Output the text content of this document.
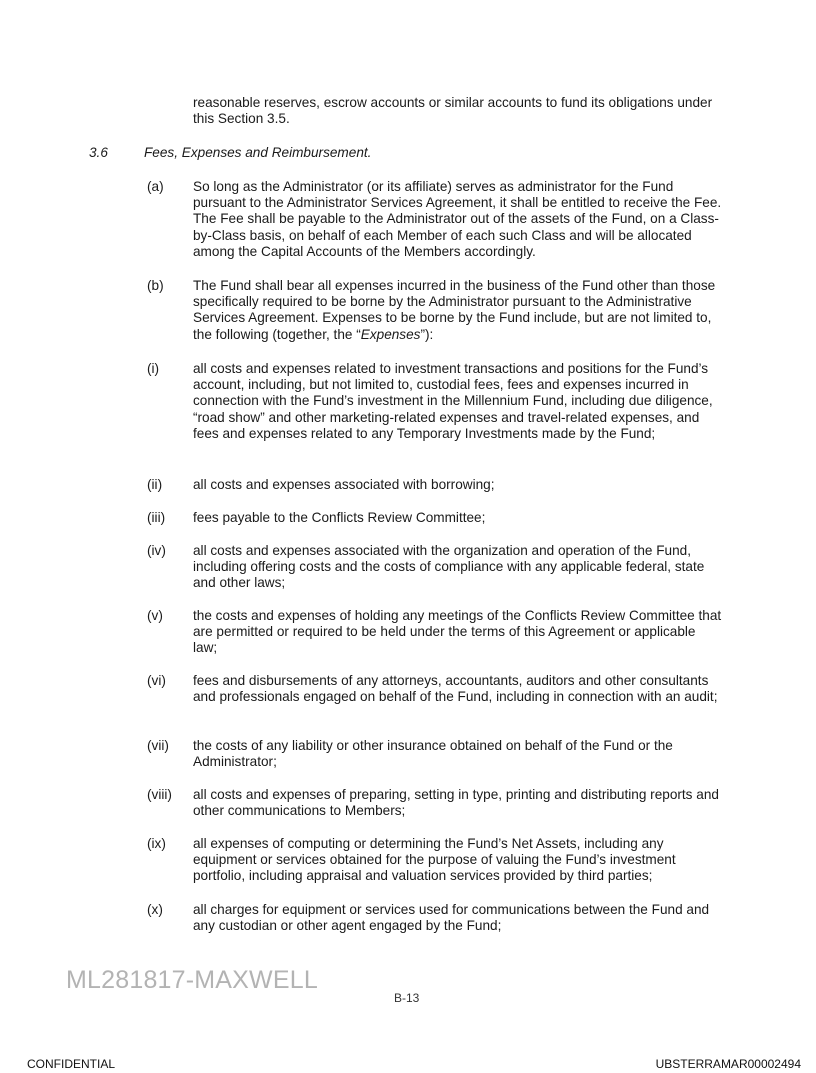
reasonable reserves, escrow accounts or similar accounts to fund its obligations under this Section 3.5.
3.6	Fees, Expenses and Reimbursement.
(a) So long as the Administrator (or its affiliate) serves as administrator for the Fund pursuant to the Administrator Services Agreement, it shall be entitled to receive the Fee. The Fee shall be payable to the Administrator out of the assets of the Fund, on a Class-by-Class basis, on behalf of each Member of each such Class and will be allocated among the Capital Accounts of the Members accordingly.
(b) The Fund shall bear all expenses incurred in the business of the Fund other than those specifically required to be borne by the Administrator pursuant to the Administrative Services Agreement. Expenses to be borne by the Fund include, but are not limited to, the following (together, the “Expenses”):
(i) all costs and expenses related to investment transactions and positions for the Fund’s account, including, but not limited to, custodial fees, fees and expenses incurred in connection with the Fund’s investment in the Millennium Fund, including due diligence, “road show” and other marketing-related expenses and travel-related expenses, and fees and expenses related to any Temporary Investments made by the Fund;
(ii) all costs and expenses associated with borrowing;
(iii) fees payable to the Conflicts Review Committee;
(iv) all costs and expenses associated with the organization and operation of the Fund, including offering costs and the costs of compliance with any applicable federal, state and other laws;
(v) the costs and expenses of holding any meetings of the Conflicts Review Committee that are permitted or required to be held under the terms of this Agreement or applicable law;
(vi) fees and disbursements of any attorneys, accountants, auditors and other consultants and professionals engaged on behalf of the Fund, including in connection with an audit;
(vii) the costs of any liability or other insurance obtained on behalf of the Fund or the Administrator;
(viii) all costs and expenses of preparing, setting in type, printing and distributing reports and other communications to Members;
(ix) all expenses of computing or determining the Fund’s Net Assets, including any equipment or services obtained for the purpose of valuing the Fund’s investment portfolio, including appraisal and valuation services provided by third parties;
(x) all charges for equipment or services used for communications between the Fund and any custodian or other agent engaged by the Fund;
ML281817-MAXWELL
B-13
CONFIDENTIAL	UBSTERRAMAR00002494
